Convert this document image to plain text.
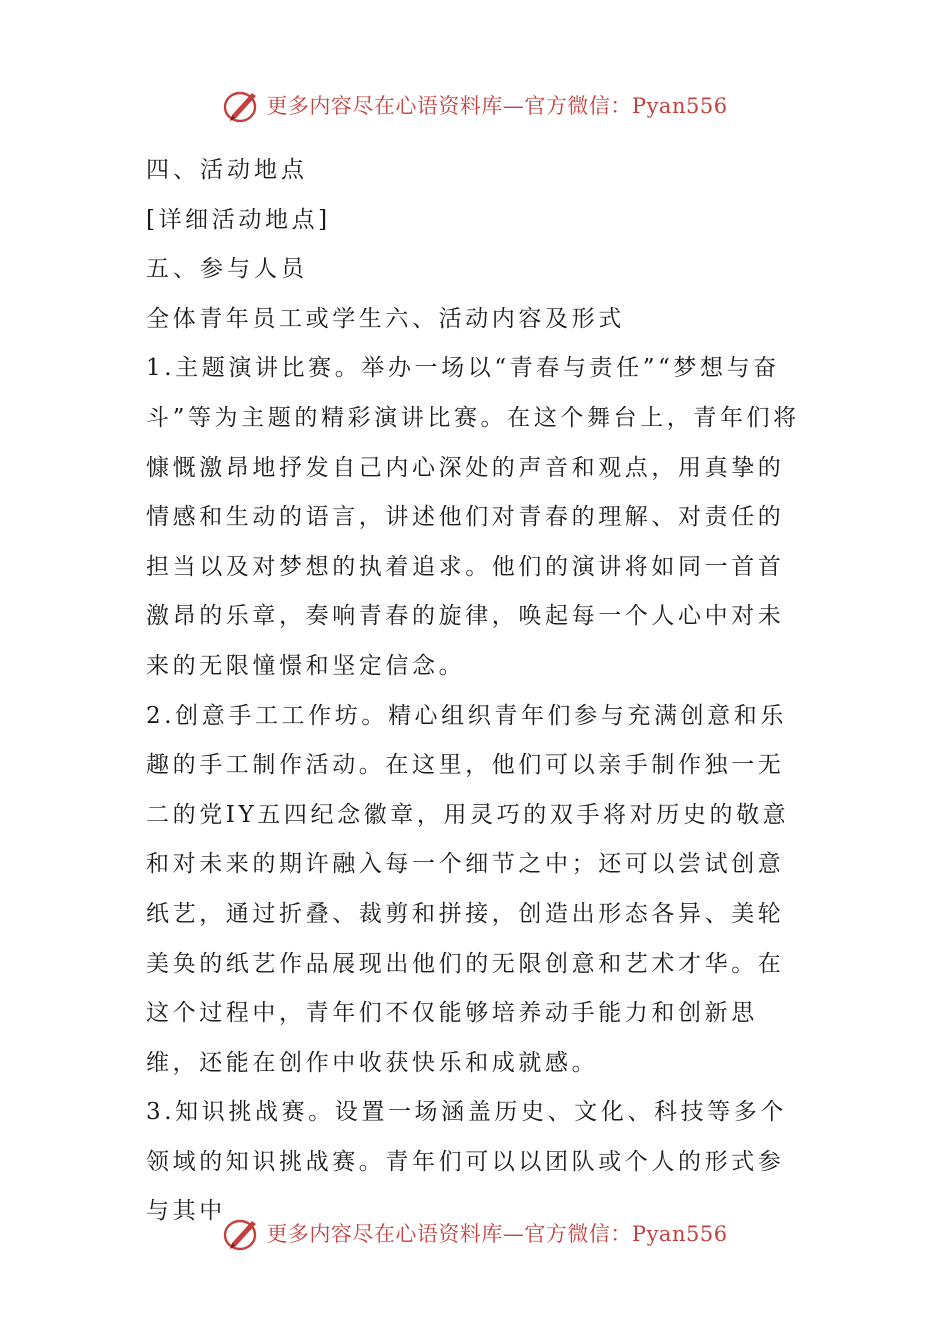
更多内容尽在心语资料库—官方微信：Pyan556

四、活动地点

[详细活动地点]

五、参与人员

全体青年员工或学生六、活动内容及形式

1.主题演讲比赛。举办一场以“青春与责任”“梦想与奋斗”等为主题的精彩演讲比赛。在这个舞台上，青年们将慷慨激昂地抒发自己内心深处的声音和观点，用真挚的情感和生动的语言，讲述他们对青春的理解、对责任的担当以及对梦想的执着追求。他们的演讲将如同一首首激昂的乐章，奏响青春的旋律，唤起每一个人心中对未来的无限憧憬和坚定信念。

2.创意手工工作坊。精心组织青年们参与充满创意和乐趣的手工制作活动。在这里，他们可以亲手制作独一无二的党IY五四纪念徽章，用灵巧的双手将对历史的敬意和对未来的期许融入每一个细节之中；还可以尝试创意纸艺，通过折叠、裁剪和拼接，创造出形态各异、美轮美奂的纸艺作品展现出他们的无限创意和艺术才华。在这个过程中，青年们不仅能够培养动手能力和创新思维，还能在创作中收获快乐和成就感。

3.知识挑战赛。设置一场涵盖历史、文化、科技等多个领域的知识挑战赛。青年们可以以团队或个人的形式参与其中

更多内容尽在心语资料库—官方微信：Pyan556
